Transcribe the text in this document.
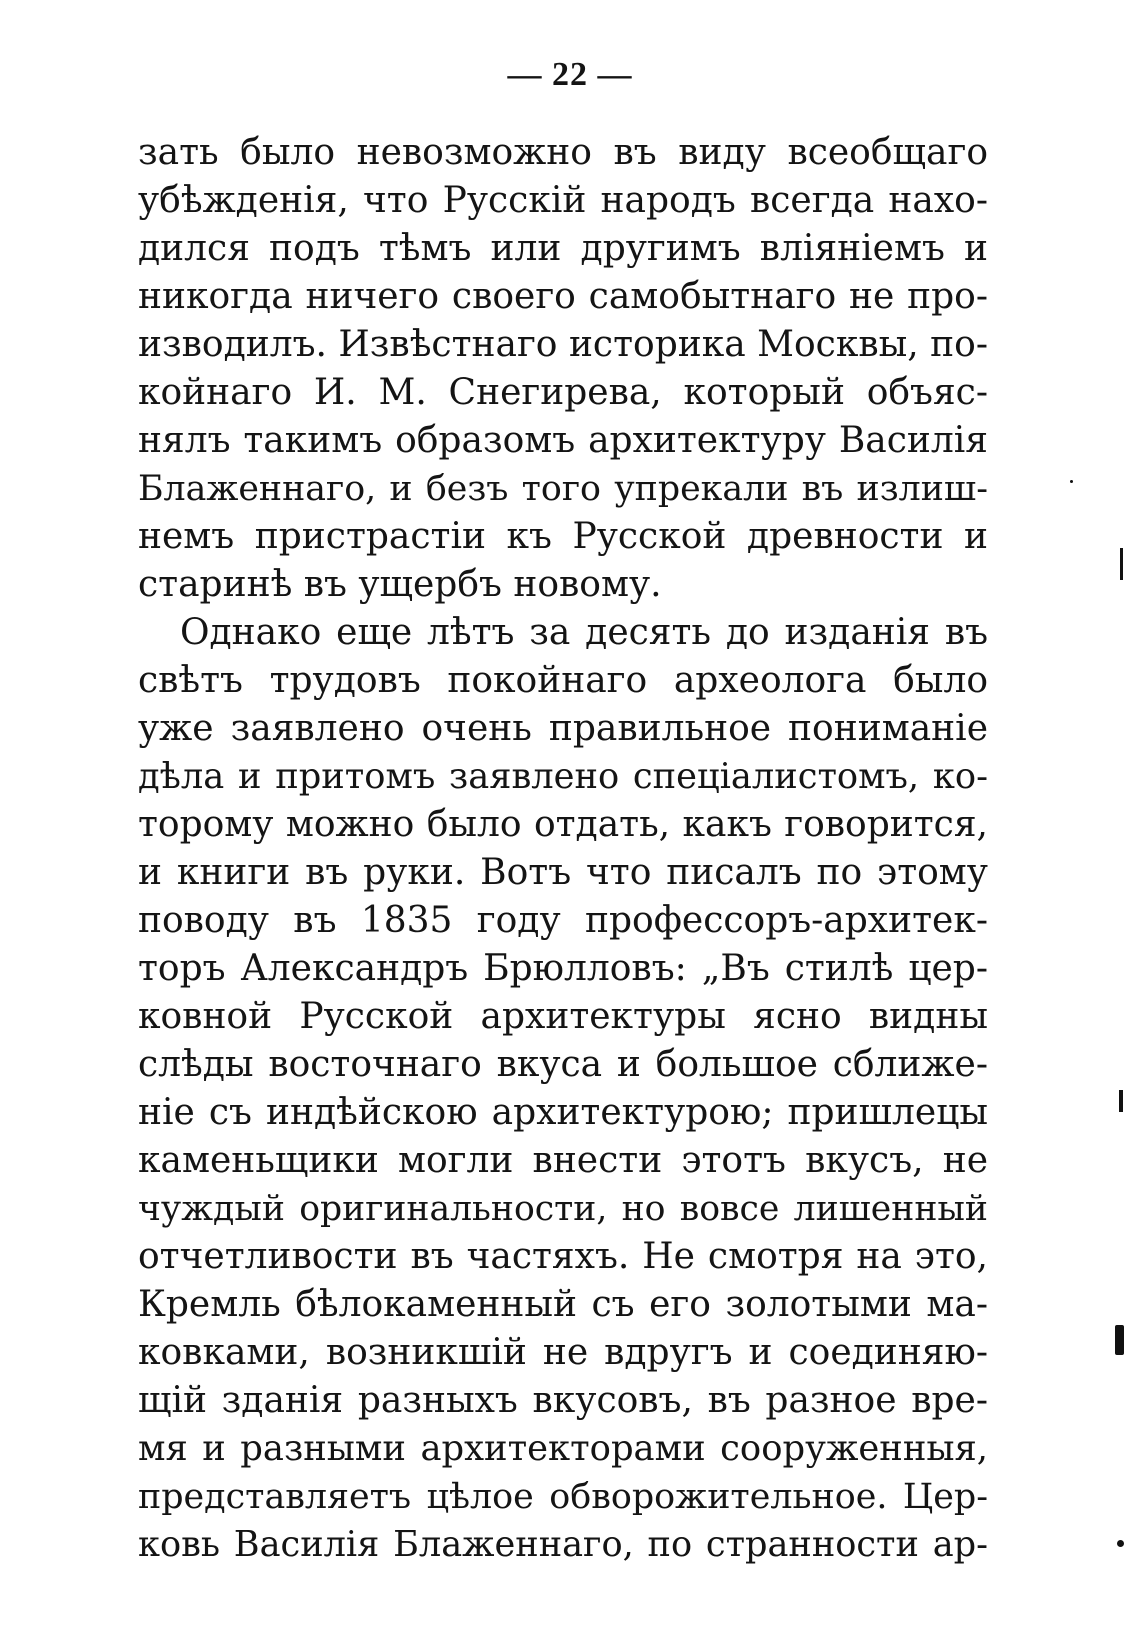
— 22 —
зать было невозможно въ виду всеобщаго
убѣжденія, что Русскій народъ всегда нахо-
дился подъ тѣмъ или другимъ вліяніемъ и
никогда ничего своего самобытнаго не про-
изводилъ. Извѣстнаго историка Москвы, по-
койнаго И. М. Снегирева, который объяс-
нялъ такимъ образомъ архитектуру Василія
Блаженнаго, и безъ того упрекали въ излиш-
немъ пристрастіи къ Русской древности и
старинѣ въ ущербъ новому.
Однако еще лѣтъ за десять до изданія въ
свѣтъ трудовъ покойнаго археолога было
уже заявлено очень правильное пониманіе
дѣла и притомъ заявлено спеціалистомъ, ко-
торому можно было отдать, какъ говорится,
и книги въ руки. Вотъ что писалъ по этому
поводу въ 1835 году профессоръ-архитек-
торъ Александръ Брюлловъ: „Въ стилѣ цер-
ковной Русской архитектуры ясно видны
слѣды восточнаго вкуса и большое сближе-
ніе съ индѣйскою архитектурою; пришлецы
каменьщики могли внести этотъ вкусъ, не
чуждый оригинальности, но вовсе лишенный
отчетливости въ частяхъ. Не смотря на это,
Кремль бѣлокаменный съ его золотыми ма-
ковками, возникшій не вдругъ и соединяю-
щій зданія разныхъ вкусовъ, въ разное вре-
мя и разными архитекторами сооруженныя,
представляетъ цѣлое обворожительное. Цер-
ковь Василія Блаженнаго, по странности ар-
